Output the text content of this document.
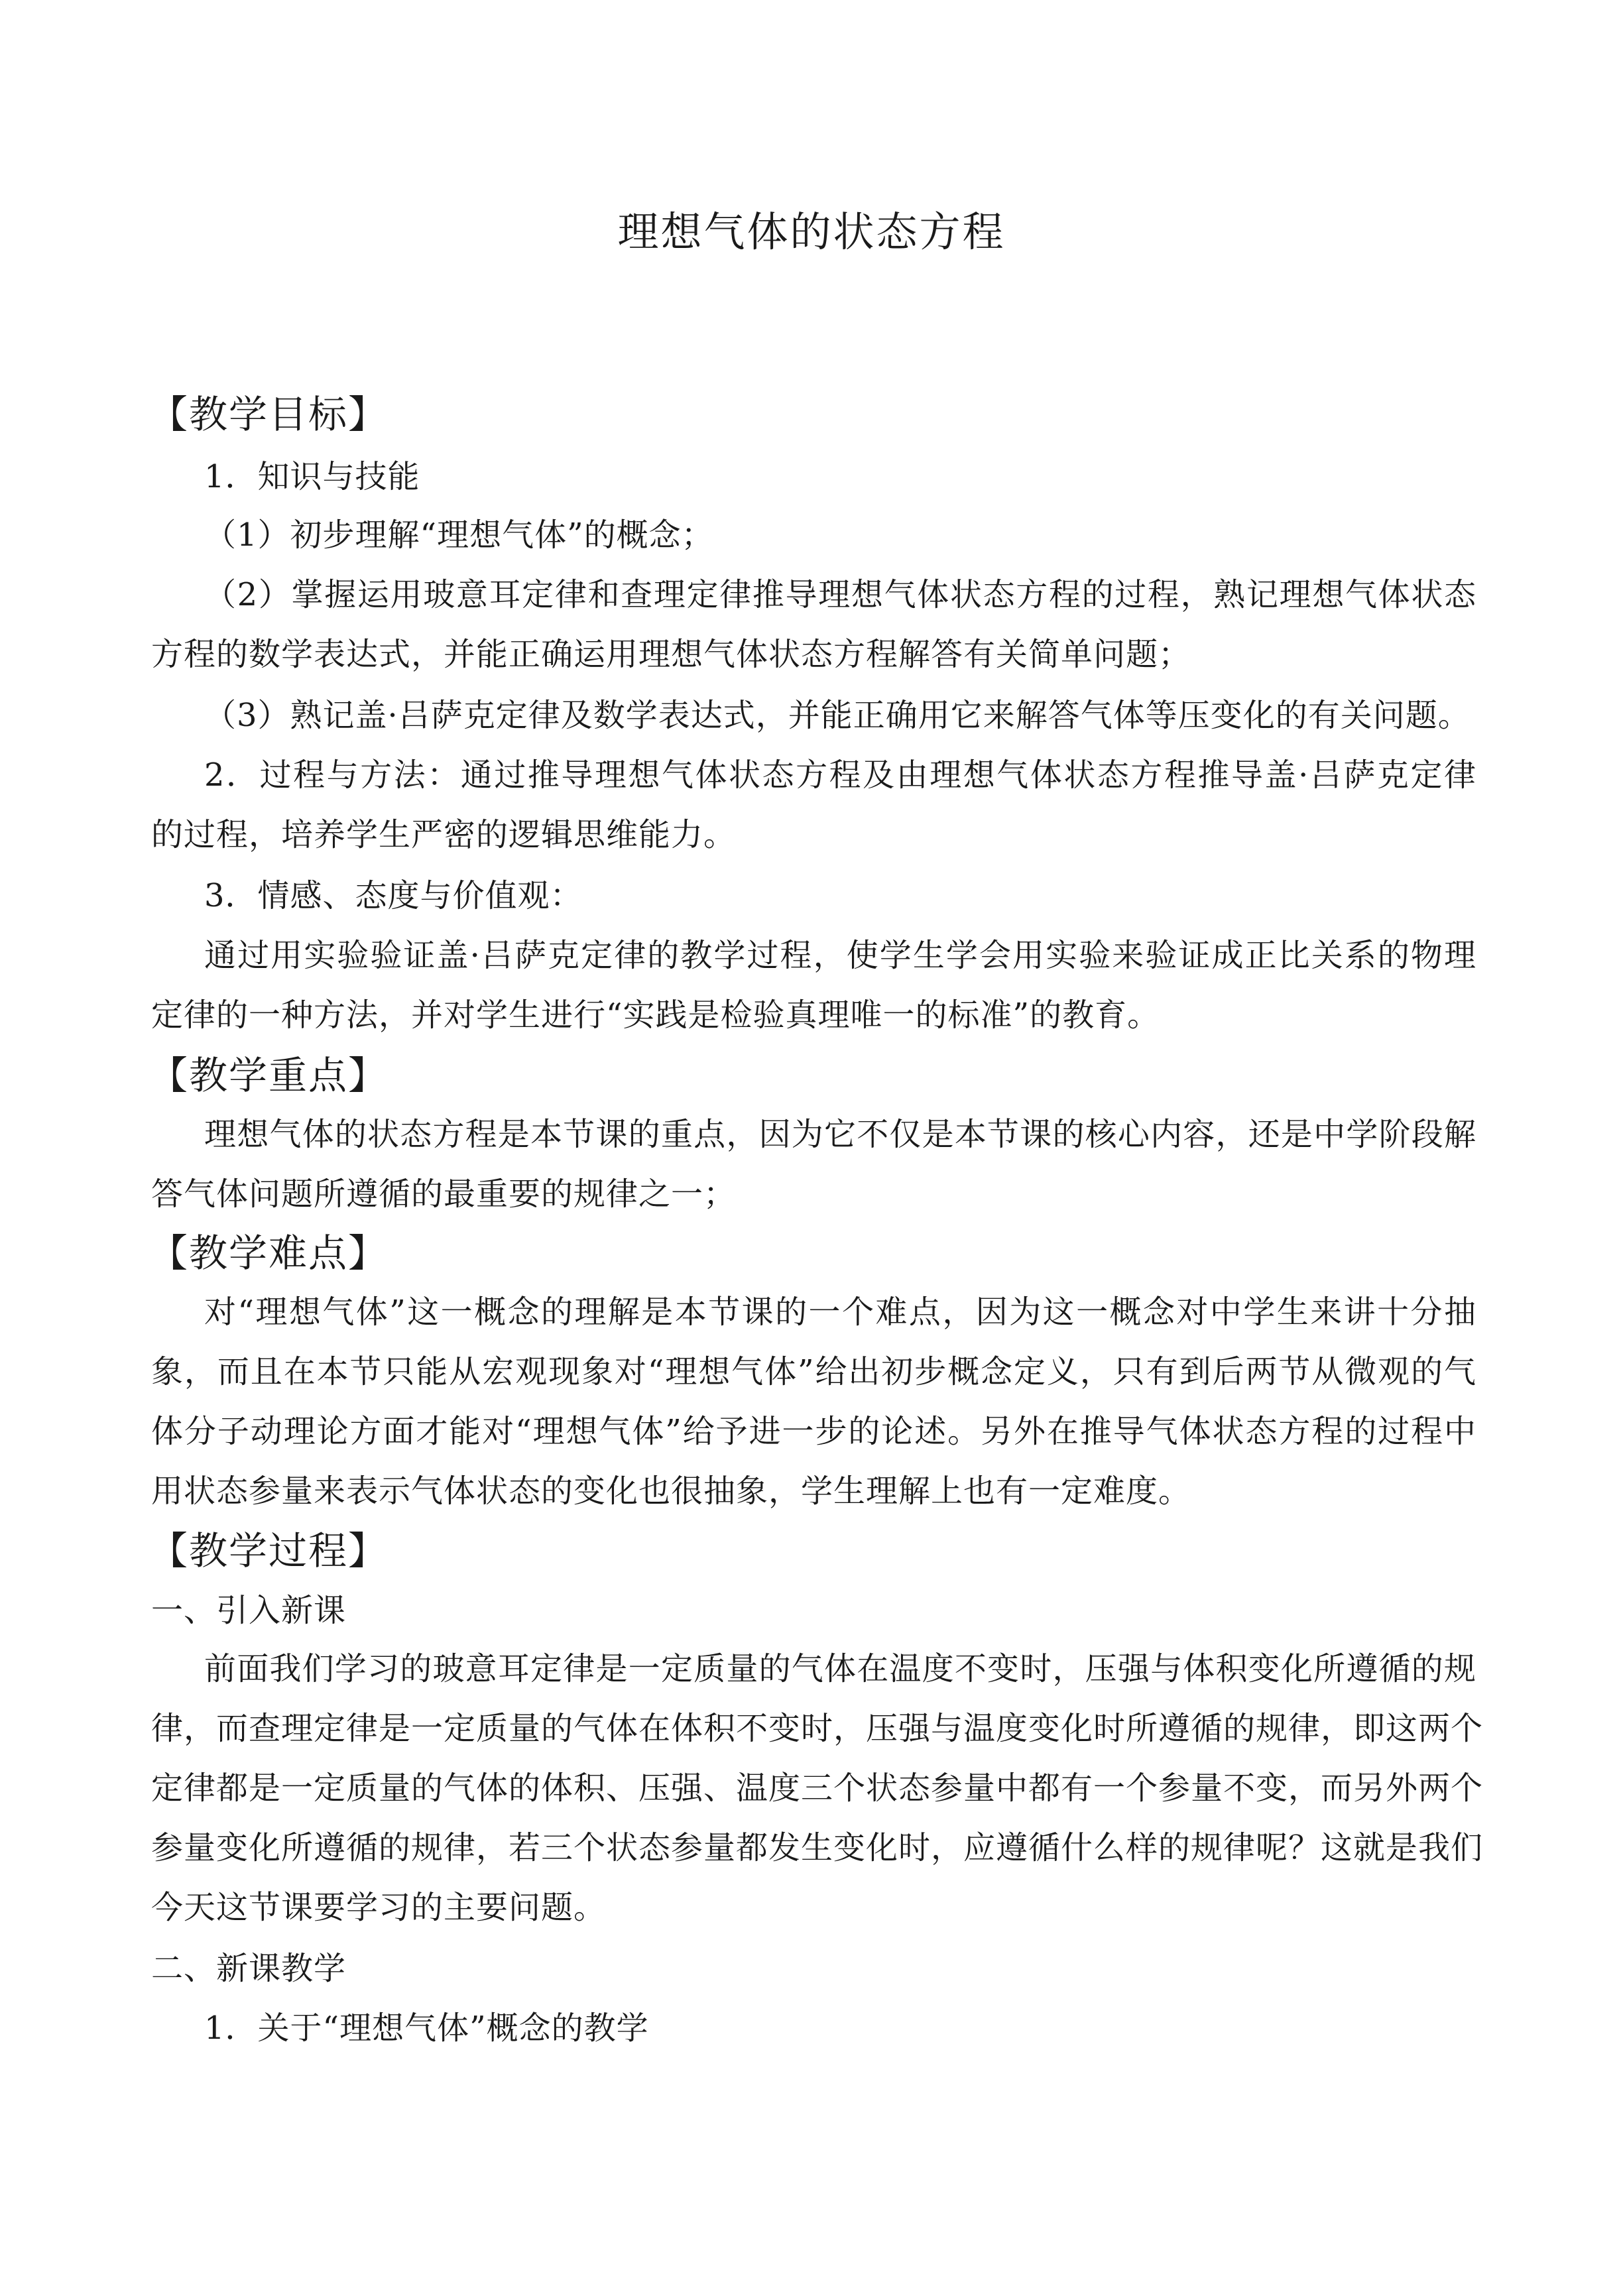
理想气体的状态方程
【教学目标】
1．知识与技能
（1）初步理解“理想气体”的概念；
（2）掌握运用玻意耳定律和查理定律推导理想气体状态方程的过程，熟记理想气体状态
方程的数学表达式，并能正确运用理想气体状态方程解答有关简单问题；
（3）熟记盖·吕萨克定律及数学表达式，并能正确用它来解答气体等压变化的有关问题。
2．过程与方法：通过推导理想气体状态方程及由理想气体状态方程推导盖·吕萨克定律
的过程，培养学生严密的逻辑思维能力。
3．情感、态度与价值观：
通过用实验验证盖·吕萨克定律的教学过程，使学生学会用实验来验证成正比关系的物理
定律的一种方法，并对学生进行“实践是检验真理唯一的标准”的教育。
【教学重点】
理想气体的状态方程是本节课的重点，因为它不仅是本节课的核心内容，还是中学阶段解
答气体问题所遵循的最重要的规律之一；
【教学难点】
对“理想气体”这一概念的理解是本节课的一个难点，因为这一概念对中学生来讲十分抽
象，而且在本节只能从宏观现象对“理想气体”给出初步概念定义，只有到后两节从微观的气
体分子动理论方面才能对“理想气体”给予进一步的论述。另外在推导气体状态方程的过程中
用状态参量来表示气体状态的变化也很抽象，学生理解上也有一定难度。
【教学过程】
一、引入新课
前面我们学习的玻意耳定律是一定质量的气体在温度不变时，压强与体积变化所遵循的规
律，而查理定律是一定质量的气体在体积不变时，压强与温度变化时所遵循的规律，即这两个
定律都是一定质量的气体的体积、压强、温度三个状态参量中都有一个参量不变，而另外两个
参量变化所遵循的规律，若三个状态参量都发生变化时，应遵循什么样的规律呢？这就是我们
今天这节课要学习的主要问题。
二、新课教学
1．关于“理想气体”概念的教学
